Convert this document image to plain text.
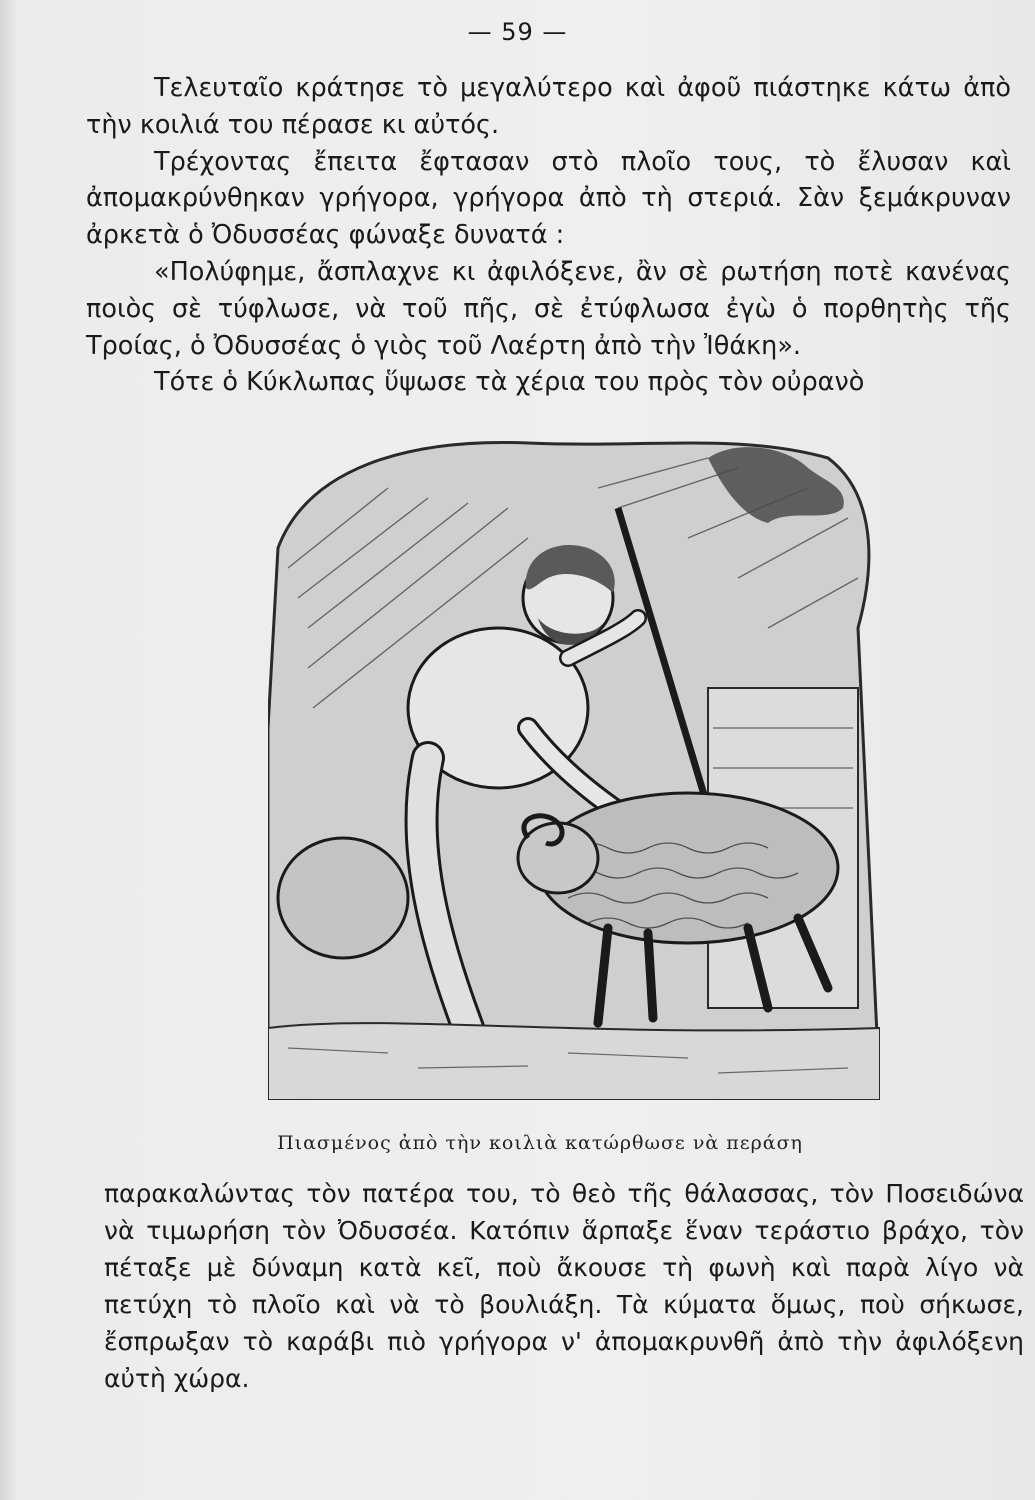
— 59 —

Τελευταῖο κράτησε τὸ μεγαλύτερο καὶ ἀφοῦ πιάστηκε κάτω ἀπὸ τὴν κοιλιά του πέρασε κι αὐτός.

Τρέχοντας ἔπειτα ἔφτασαν στὸ πλοῖο τους, τὸ ἔλυσαν καὶ ἀπομακρύνθηκαν γρήγορα, γρήγορα ἀπὸ τὴ στεριά. Σὰν ξεμάκρυναν ἀρκετὰ ὁ Ὀδυσσέας φώναξε δυνατά :

«Πολύφημε, ἄσπλαχνε κι ἀφιλόξενε, ἂν σὲ ρωτήση ποτὲ κανένας ποιὸς σὲ τύφλωσε, νὰ τοῦ πῆς, σὲ ἐτύφλωσα ἐγὼ ὁ πορθητὴς τῆς Τροίας, ὁ Ὀδυσσέας ὁ γιὸς τοῦ Λαέρτη ἀπὸ τὴν Ἰθάκη».

Τότε ὁ Κύκλωπας ὕψωσε τὰ χέρια του πρὸς τὸν οὐρανὸ

Πιασμένος ἀπὸ τὴν κοιλιὰ κατώρθωσε νὰ περάση

παρακαλώντας τὸν πατέρα του, τὸ θεὸ τῆς θάλασσας, τὸν Ποσειδώνα νὰ τιμωρήση τὸν Ὀδυσσέα. Κατόπιν ἅρπαξε ἕναν τεράστιο βράχο, τὸν πέταξε μὲ δύναμη κατὰ κεῖ, ποὺ ἄκουσε τὴ φωνὴ καὶ παρὰ λίγο νὰ πετύχη τὸ πλοῖο καὶ νὰ τὸ βουλιάξη. Τὰ κύματα ὅμως, ποὺ σήκωσε, ἔσπρωξαν τὸ καράβι πιὸ γρήγορα ν' ἀπομακρυνθῆ ἀπὸ τὴν ἀφιλόξενη αὐτὴ χώρα.
